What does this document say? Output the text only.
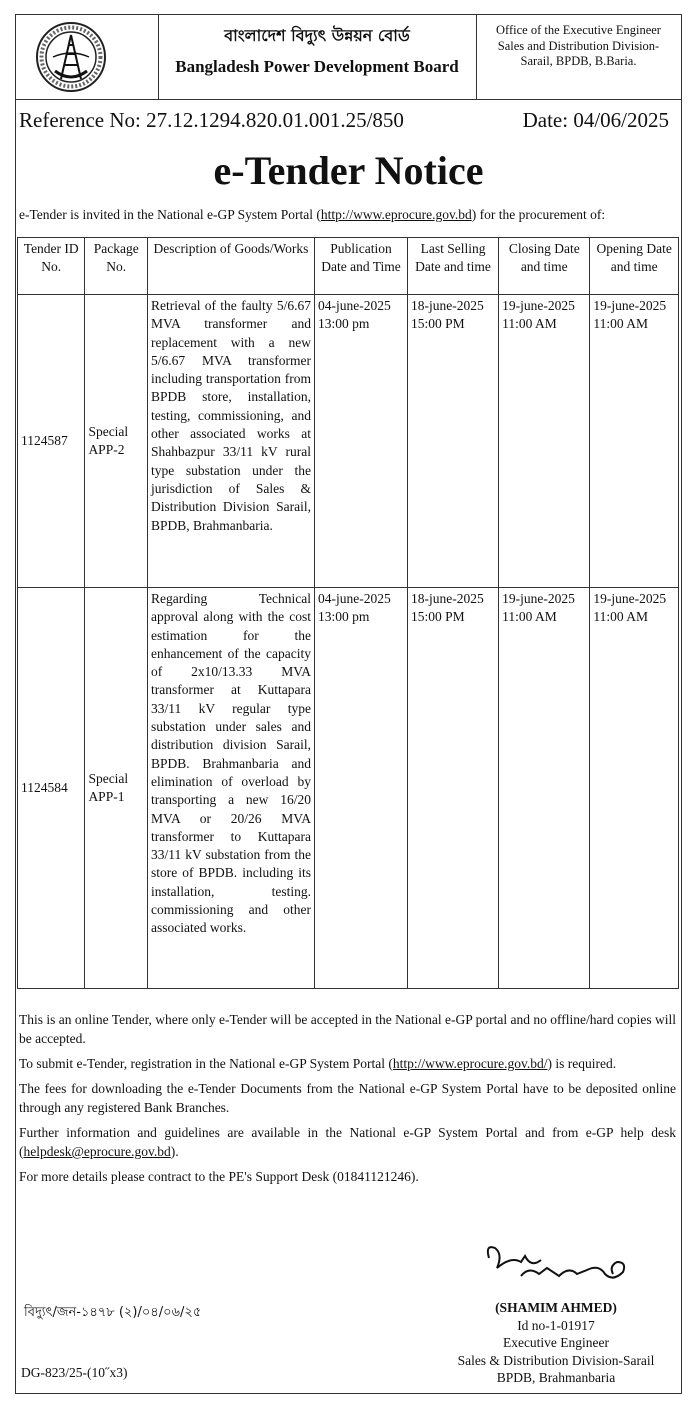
বাংলাদেশ বিদ্যুৎ উন্নয়ন বোর্ড
Bangladesh Power Development Board
Office of the Executive Engineer
Sales and Distribution Division-
Sarail, BPDB, B.Baria.
Reference No: 27.12.1294.820.01.001.25/850	Date: 04/06/2025
e-Tender Notice
e-Tender is invited in the National e-GP System Portal (http://www.eprocure.gov.bd) for the procurement of:
Tender ID No.	Package No.	Description of Goods/Works	Publication Date and Time	Last Selling Date and time	Closing Date and time	Opening Date and time
1124587	Special APP-2	Retrieval of the faulty 5/6.67 MVA transformer and replacement with a new 5/6.67 MVA transformer including transportation from BPDB store, installation, testing, commissioning, and other associated works at Shahbazpur 33/11 kV rural type substation under the jurisdiction of Sales & Distribution Division Sarail, BPDB, Brahmanbaria.	04-june-2025 13:00 pm	18-june-2025 15:00 PM	19-june-2025 11:00 AM	19-june-2025 11:00 AM
1124584	Special APP-1	Regarding Technical approval along with the cost estimation for the enhancement of the capacity of 2x10/13.33 MVA transformer at Kuttapara 33/11 kV regular type substation under sales and distribution division Sarail, BPDB. Brahmanbaria and elimination of overload by transporting a new 16/20 MVA or 20/26 MVA transformer to Kuttapara 33/11 kV substation from the store of BPDB. including its installation, testing. commissioning and other associated works.	04-june-2025 13:00 pm	18-june-2025 15:00 PM	19-june-2025 11:00 AM	19-june-2025 11:00 AM

This is an online Tender, where only e-Tender will be accepted in the National e-GP portal and no offline/hard copies will be accepted.

To submit e-Tender, registration in the National e-GP System Portal (http://www.eprocure.gov.bd/) is required.

The fees for downloading the e-Tender Documents from the National e-GP System Portal have to be deposited online through any registered Bank Branches.

Further information and guidelines are available in the National e-GP System Portal and from e-GP help desk (helpdesk@eprocure.gov.bd).

For more details please contract to the PE's Support Desk (01841121246).

বিদ্যুৎ/জন-১৪৭৮ (২)/০৪/০৬/২৫
DG-823/25-(10˝x3)
(SHAMIM AHMED)
Id no-1-01917
Executive Engineer
Sales & Distribution Division-Sarail
BPDB, Brahmanbaria
